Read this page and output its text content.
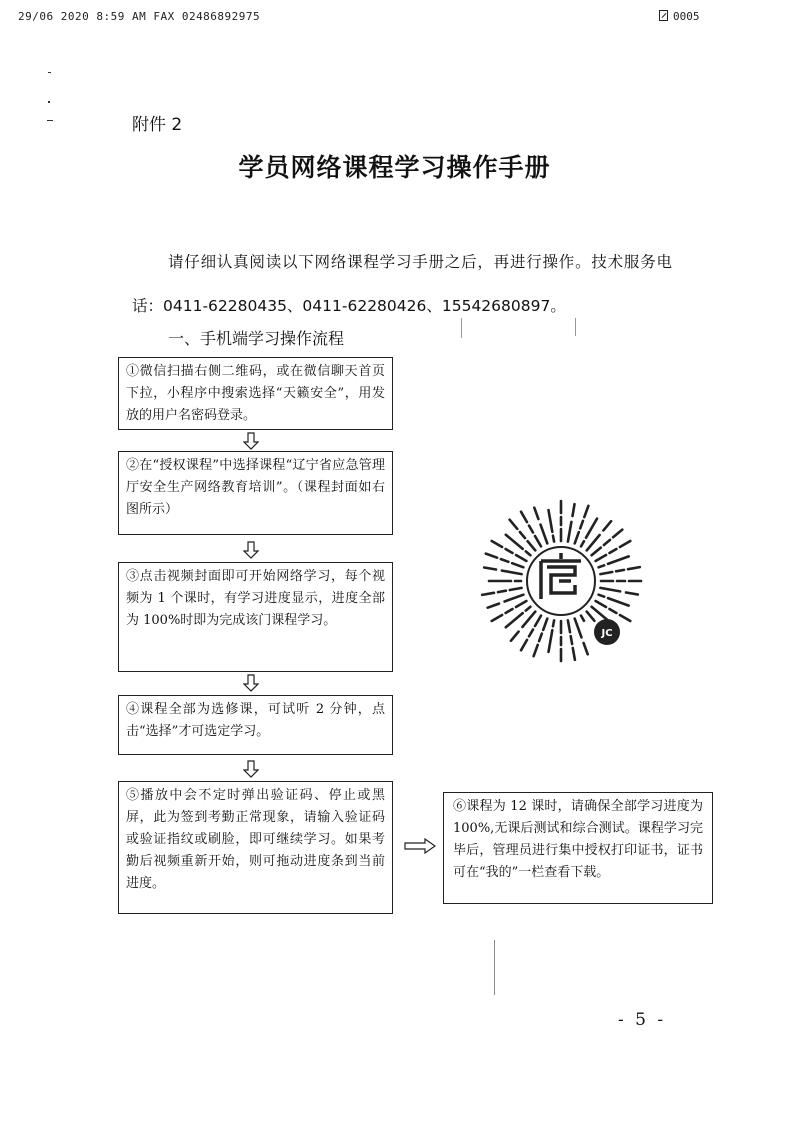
29/06 2020 8:59 AM FAX 02486892975	0005
附件 2
学员网络课程学习操作手册
请仔细认真阅读以下网络课程学习手册之后，再进行操作。技术服务电话：0411-62280435、0411-62280426、15542680897。
一、手机端学习操作流程
①微信扫描右侧二维码，或在微信聊天首页下拉，小程序中搜索选择“天籁安全”，用发放的用户名密码登录。
②在“授权课程”中选择课程“辽宁省应急管理厅安全生产网络教育培训”。（课程封面如右图所示）
③点击视频封面即可开始网络学习，每个视频为 1 个课时，有学习进度显示，进度全部为 100%时即为完成该门课程学习。
④课程全部为选修课，可试听 2 分钟，点击“选择”才可选定学习。
⑤播放中会不定时弹出验证码、停止或黑屏，此为签到考勤正常现象，请输入验证码或验证指纹或刷脸，即可继续学习。如果考勤后视频重新开始，则可拖动进度条到当前进度。
⑥课程为 12 课时，请确保全部学习进度为 100%,无课后测试和综合测试。课程学习完毕后，管理员进行集中授权打印证书，证书可在“我的”一栏查看下载。
JC
- 5 -
